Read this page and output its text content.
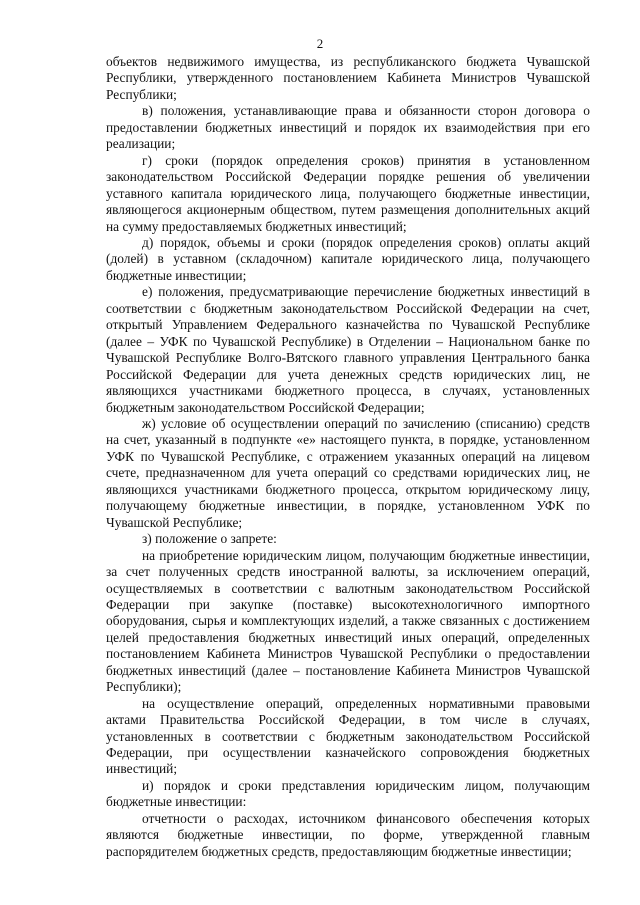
2

объектов недвижимого имущества, из республиканского бюджета Чувашской Республики, утвержденного постановлением Кабинета Министров Чувашской Республики;

в) положения, устанавливающие права и обязанности сторон договора о предоставлении бюджетных инвестиций и порядок их взаимодействия при его реализации;

г) сроки (порядок определения сроков) принятия в установленном законодательством Российской Федерации порядке решения об увеличении уставного капитала юридического лица, получающего бюджетные инвестиции, являющегося акционерным обществом, путем размещения дополнительных акций на сумму предоставляемых бюджетных инвестиций;

д) порядок, объемы и сроки (порядок определения сроков) оплаты акций (долей) в уставном (складочном) капитале юридического лица, получающего бюджетные инвестиции;

е) положения, предусматривающие перечисление бюджетных инвестиций в соответствии с бюджетным законодательством Российской Федерации на счет, открытый Управлением Федерального казначейства по Чувашской Республике (далее – УФК по Чувашской Республике) в Отделении – Национальном банке по Чувашской Республике Волго-Вятского главного управления Центрального банка Российской Федерации для учета денежных средств юридических лиц, не являющихся участниками бюджетного процесса, в случаях, установленных бюджетным законодательством Российской Федерации;

ж) условие об осуществлении операций по зачислению (списанию) средств на счет, указанный в подпункте «е» настоящего пункта, в порядке, установленном УФК по Чувашской Республике, с отражением указанных операций на лицевом счете, предназначенном для учета операций со средствами юридических лиц, не являющихся участниками бюджетного процесса, открытом юридическому лицу, получающему бюджетные инвестиции, в порядке, установленном УФК по Чувашской Республике;

з) положение о запрете:

на приобретение юридическим лицом, получающим бюджетные инвестиции, за счет полученных средств иностранной валюты, за исключением операций, осуществляемых в соответствии с валютным законодательством Российской Федерации при закупке (поставке) высокотехнологичного импортного оборудования, сырья и комплектующих изделий, а также связанных с достижением целей предоставления бюджетных инвестиций иных операций, определенных постановлением Кабинета Министров Чувашской Республики о предоставлении бюджетных инвестиций (далее – постановление Кабинета Министров Чувашской Республики);

на осуществление операций, определенных нормативными правовыми актами Правительства Российской Федерации, в том числе в случаях, установленных в соответствии с бюджетным законодательством Российской Федерации, при осуществлении казначейского сопровождения бюджетных инвестиций;

и) порядок и сроки представления юридическим лицом, получающим бюджетные инвестиции:

отчетности о расходах, источником финансового обеспечения которых являются бюджетные инвестиции, по форме, утвержденной главным распорядителем бюджетных средств, предоставляющим бюджетные инвестиции;
